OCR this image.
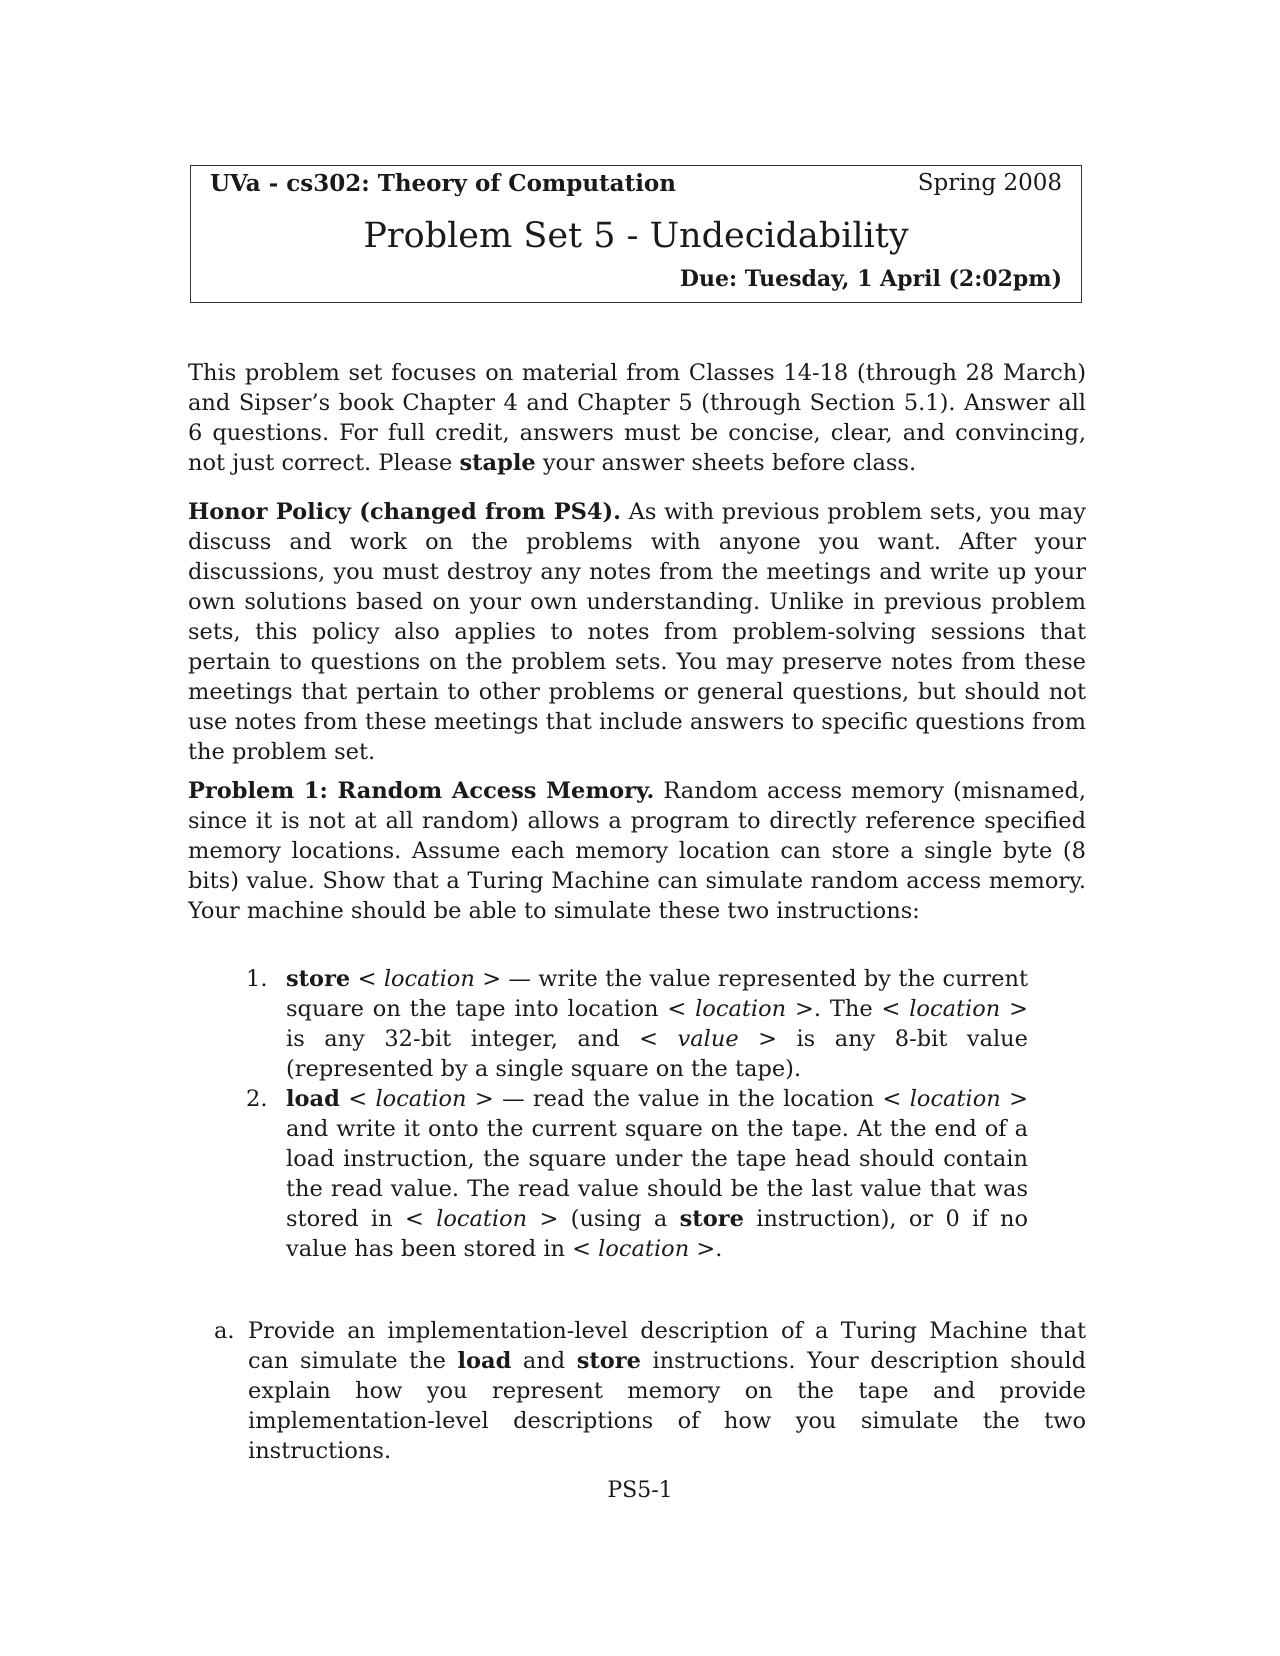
UVa - cs302: Theory of Computation	Spring 2008
Problem Set 5 - Undecidability
Due: Tuesday, 1 April (2:02pm)

This problem set focuses on material from Classes 14-18 (through 28 March) and Sipser’s book Chapter 4 and Chapter 5 (through Section 5.1). Answer all 6 questions. For full credit, answers must be concise, clear, and convincing, not just correct. Please staple your answer sheets before class.

Honor Policy (changed from PS4). As with previous problem sets, you may discuss and work on the problems with anyone you want. After your discussions, you must destroy any notes from the meetings and write up your own solutions based on your own understanding. Unlike in previous problem sets, this policy also applies to notes from problem-solving sessions that pertain to questions on the problem sets. You may preserve notes from these meetings that pertain to other problems or general questions, but should not use notes from these meetings that include answers to specific questions from the problem set.

Problem 1: Random Access Memory. Random access memory (misnamed, since it is not at all random) allows a program to directly reference specified memory locations. Assume each memory location can store a single byte (8 bits) value. Show that a Turing Machine can simulate random access memory. Your machine should be able to simulate these two instructions:

1. store < location > — write the value represented by the current square on the tape into location < location >. The < location > is any 32-bit integer, and < value > is any 8-bit value (represented by a single square on the tape).

2. load < location > — read the value in the location < location > and write it onto the current square on the tape. At the end of a load instruction, the square under the tape head should contain the read value. The read value should be the last value that was stored in < location > (using a store instruction), or 0 if no value has been stored in < location >.

a. Provide an implementation-level description of a Turing Machine that can simulate the load and store instructions. Your description should explain how you represent memory on the tape and provide implementation-level descriptions of how you simulate the two instructions.

PS5-1
